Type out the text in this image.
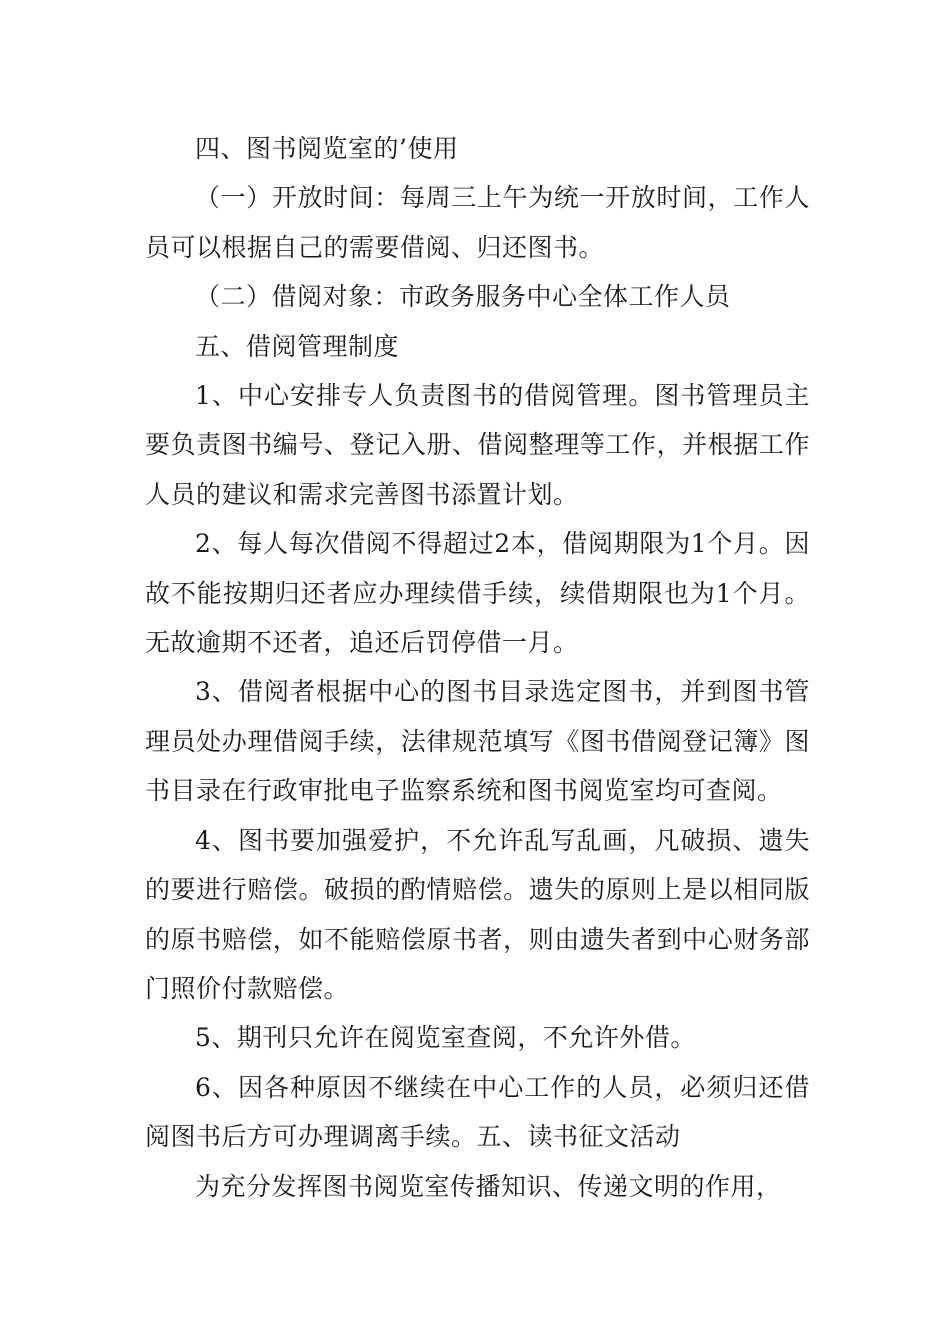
四、图书阅览室的’使用

（一）开放时间：每周三上午为统一开放时间，工作人员可以根据自己的需要借阅、归还图书。

（二）借阅对象：市政务服务中心全体工作人员

五、借阅管理制度

1、中心安排专人负责图书的借阅管理。图书管理员主要负责图书编号、登记入册、借阅整理等工作，并根据工作人员的建议和需求完善图书添置计划。

2、每人每次借阅不得超过2本，借阅期限为1个月。因故不能按期归还者应办理续借手续，续借期限也为1个月。无故逾期不还者，追还后罚停借一月。

3、借阅者根据中心的图书目录选定图书，并到图书管理员处办理借阅手续，法律规范填写《图书借阅登记簿》图书目录在行政审批电子监察系统和图书阅览室均可查阅。

4、图书要加强爱护，不允许乱写乱画，凡破损、遗失的要进行赔偿。破损的酌情赔偿。遗失的原则上是以相同版的原书赔偿，如不能赔偿原书者，则由遗失者到中心财务部门照价付款赔偿。

5、期刊只允许在阅览室查阅，不允许外借。

6、因各种原因不继续在中心工作的人员，必须归还借阅图书后方可办理调离手续。五、读书征文活动

为充分发挥图书阅览室传播知识、传递文明的作用，
